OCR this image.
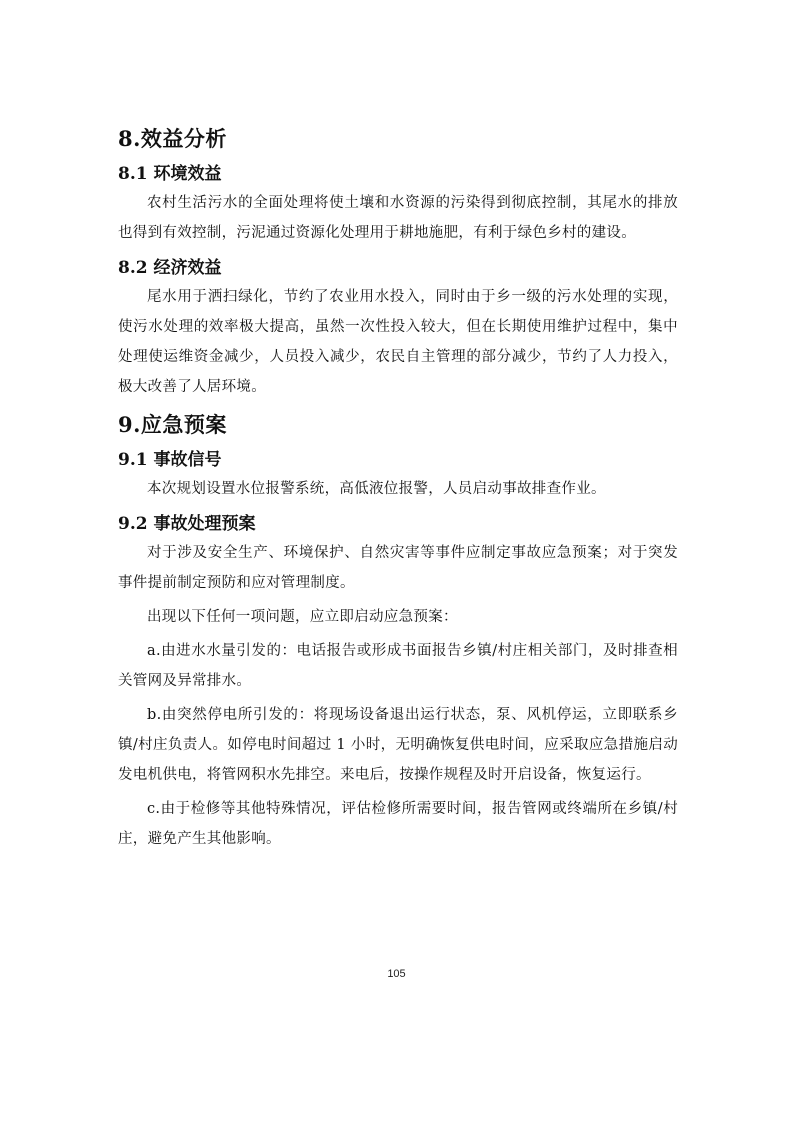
8.效益分析
8.1 环境效益

农村生活污水的全面处理将使土壤和水资源的污染得到彻底控制，其尾水的排放也得到有效控制，污泥通过资源化处理用于耕地施肥，有利于绿色乡村的建设。

8.2 经济效益

尾水用于洒扫绿化，节约了农业用水投入，同时由于乡一级的污水处理的实现，使污水处理的效率极大提高，虽然一次性投入较大，但在长期使用维护过程中，集中处理使运维资金减少，人员投入减少，农民自主管理的部分减少，节约了人力投入，极大改善了人居环境。

9.应急预案
9.1 事故信号

本次规划设置水位报警系统，高低液位报警，人员启动事故排查作业。

9.2 事故处理预案

对于涉及安全生产、环境保护、自然灾害等事件应制定事故应急预案；对于突发事件提前制定预防和应对管理制度。

出现以下任何一项问题，应立即启动应急预案：

a.由进水水量引发的：电话报告或形成书面报告乡镇/村庄相关部门，及时排查相关管网及异常排水。

b.由突然停电所引发的：将现场设备退出运行状态，泵、风机停运，立即联系乡镇/村庄负责人。如停电时间超过 1 小时，无明确恢复供电时间，应采取应急措施启动发电机供电，将管网积水先排空。来电后，按操作规程及时开启设备，恢复运行。

c.由于检修等其他特殊情况，评估检修所需要时间，报告管网或终端所在乡镇/村庄，避免产生其他影响。

105
